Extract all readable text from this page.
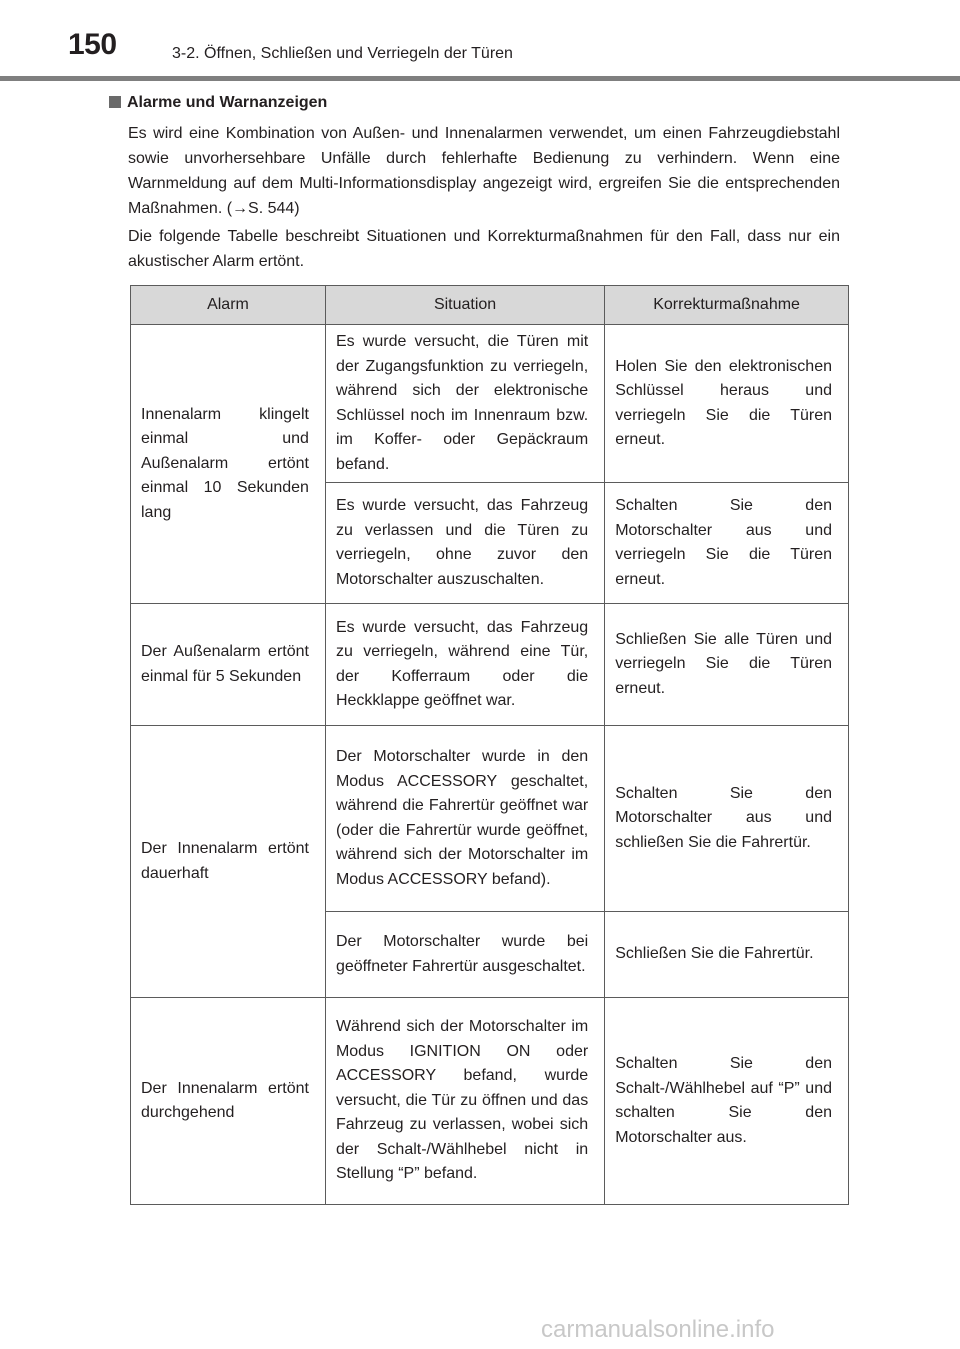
150	3-2. Öffnen, Schließen und Verriegeln der Türen
Alarme und Warnanzeigen
Es wird eine Kombination von Außen- und Innenalarmen verwendet, um einen Fahrzeugdiebstahl sowie unvorhersehbare Unfälle durch fehlerhafte Bedienung zu verhindern. Wenn eine Warnmeldung auf dem Multi-Informationsdisplay angezeigt wird, ergreifen Sie die entsprechenden Maßnahmen. (→S. 544)
Die folgende Tabelle beschreibt Situationen und Korrekturmaßnahmen für den Fall, dass nur ein akustischer Alarm ertönt.
Alarm	Situation	Korrekturmaßnahme
Innenalarm klingelt einmal und Außenalarm ertönt einmal 10 Sekunden lang	Es wurde versucht, die Türen mit der Zugangsfunktion zu verriegeln, während sich der elektronische Schlüssel noch im Innenraum bzw. im Koffer- oder Gepäckraum befand.	Holen Sie den elektronischen Schlüssel heraus und verriegeln Sie die Türen erneut.
	Es wurde versucht, das Fahrzeug zu verlassen und die Türen zu verriegeln, ohne zuvor den Motorschalter auszuschalten.	Schalten Sie den Motorschalter aus und verriegeln Sie die Türen erneut.
Der Außenalarm ertönt einmal für 5 Sekunden	Es wurde versucht, das Fahrzeug zu verriegeln, während eine Tür, der Kofferraum oder die Heckklappe geöffnet war.	Schließen Sie alle Türen und verriegeln Sie die Türen erneut.
Der Innenalarm ertönt dauerhaft	Der Motorschalter wurde in den Modus ACCESSORY geschaltet, während die Fahrertür geöffnet war (oder die Fahrertür wurde geöffnet, während sich der Motorschalter im Modus ACCESSORY befand).	Schalten Sie den Motorschalter aus und schließen Sie die Fahrertür.
	Der Motorschalter wurde bei geöffneter Fahrertür ausgeschaltet.	Schließen Sie die Fahrertür.
Der Innenalarm ertönt durchgehend	Während sich der Motorschalter im Modus IGNITION ON oder ACCESSORY befand, wurde versucht, die Tür zu öffnen und das Fahrzeug zu verlassen, wobei sich der Schalt-/Wählhebel nicht in Stellung “P” befand.	Schalten Sie den Schalt-/Wählhebel auf “P” und schalten Sie den Motorschalter aus.
carmanualsonline.info
